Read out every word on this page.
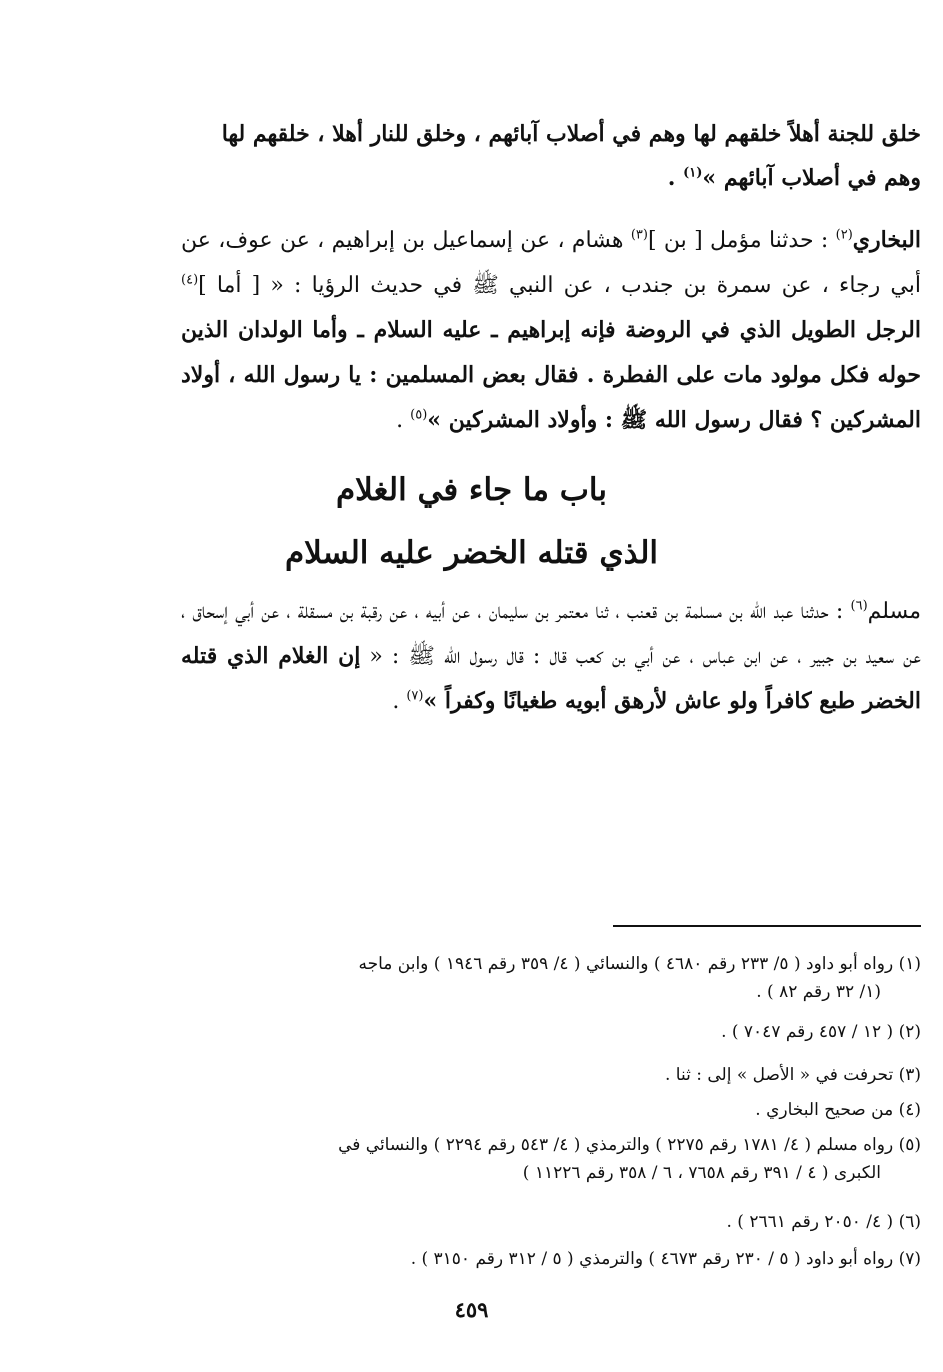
خلق للجنة أهلاً خلقهم لها وهم في أصلاب آبائهم ، وخلق للنار أهلا ، خلقهم لها
وهم في أصلاب آبائهم »$^{(١)}$ .
البخاري$^{(٢)}$ : حدثنا مؤمل [ بن ]$^{(٣)}$ هشام ، عن إسماعيل بن إبراهيم ، عن عوف، عن أبي رجاء ، عن سمرة بن جندب ، عن النبي ﷺ في حديث الرؤيا : « [ أما ]$^{(٤)}$ الرجل الطويل الذي في الروضة فإنه إبراهيم ـ عليه السلام ـ وأما الولدان الذين حوله فكل مولود مات على الفطرة . فقال بعض المسلمين : يا رسول الله ، أولاد المشركين ؟ فقال رسول الله ﷺ : وأولاد المشركين »$^{(٥)}$ .
باب ما جاء في الغلام
الذي قتله الخضر عليه السلام
مسلم$^{(٦)}$ : حدثنا عبد الله بن مسلمة بن قعنب ، ثنا معتمر بن سليمان ، عن أبيه ، عن رقبة بن مسقلة ، عن أبي إسحاق ، عن سعيد بن جبير ، عن ابن عباس ، عن أبي بن كعب قال : قال رسول الله ﷺ : « إن الغلام الذي قتله الخضر طبع كافراً ولو عاش لأرهق أبويه طغيانًا وكفراً »$^{(٧)}$ .
(١) رواه أبو داود ( ٥/ ٢٣٣ رقم ٤٦٨٠ ) والنسائي ( ٤/ ٣٥٩ رقم ١٩٤٦ ) وابن ماجه
(١/ ٣٢ رقم ٨٢ ) .
(٢) ( ١٢ / ٤٥٧ رقم ٧٠٤٧ ) .
(٣) تحرفت في « الأصل » إلى : ثنا .
(٤) من صحيح البخاري .
(٥) رواه مسلم ( ٤/ ١٧٨١ رقم ٢٢٧٥ ) والترمذي ( ٤/ ٥٤٣ رقم ٢٢٩٤ ) والنسائي في
الكبرى ( ٤ / ٣٩١ رقم ٧٦٥٨ ، ٦ / ٣٥٨ رقم ١١٢٢٦ )
(٦) ( ٤/ ٢٠٥٠ رقم ٢٦٦١ ) .
(٧) رواه أبو داود ( ٥ / ٢٣٠ رقم ٤٦٧٣ ) والترمذي ( ٥ / ٣١٢ رقم ٣١٥٠ ) .
٤٥٩
